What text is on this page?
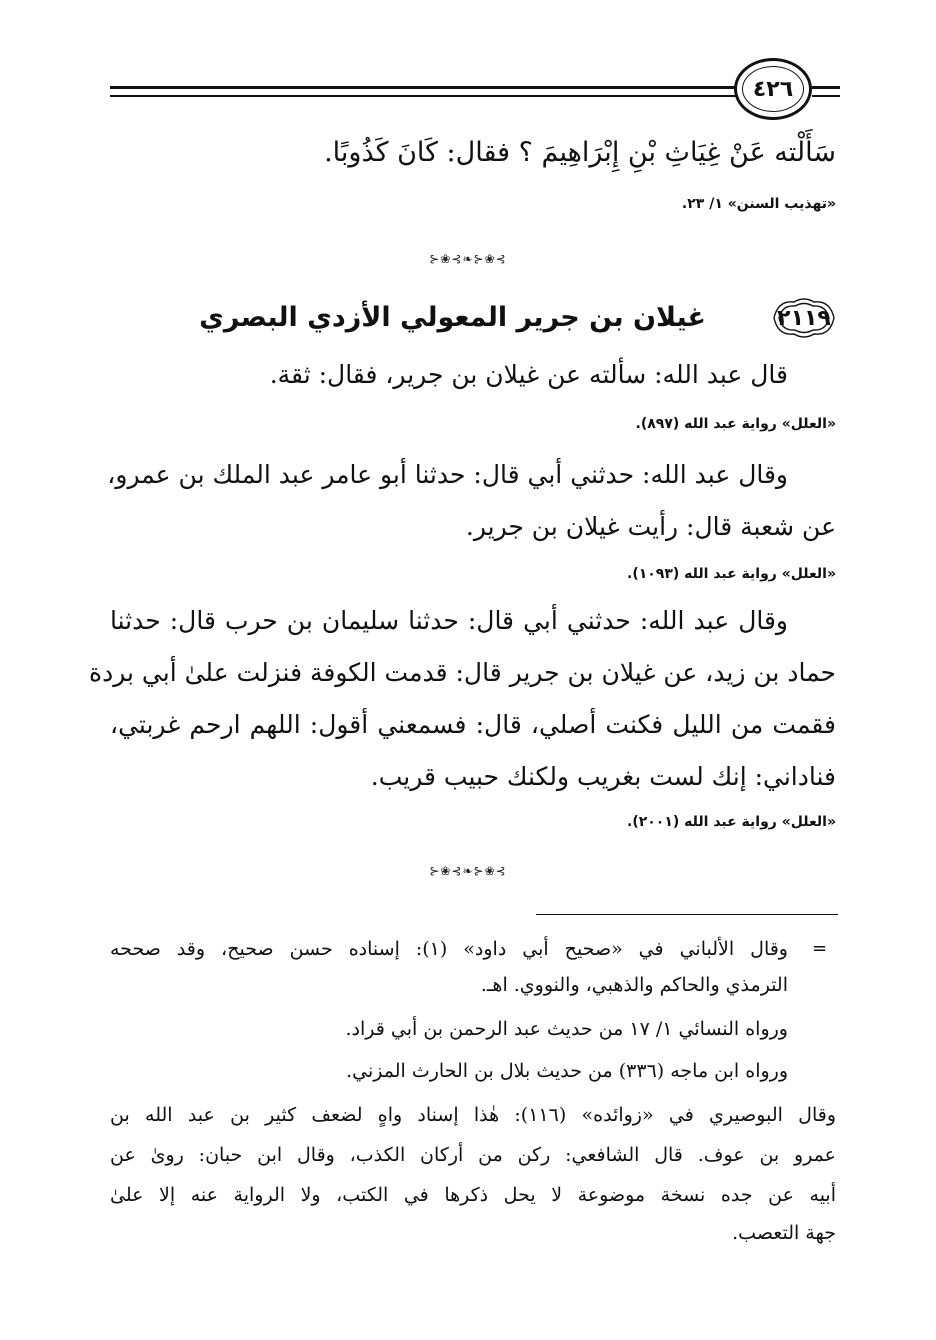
٤٢٦
سَأَلْته عَنْ غِيَاثِ بْنِ إِبْرَاهِيمَ ؟ فقال: كَانَ كَذُوبًا.
«تهذيب السنن» ١/ ٢٣.
⊱❀⊰❧⊱❀⊰
٢١١٩
غيلان بن جرير المعولي الأزدي البصري
قال عبد الله: سألته عن غيلان بن جرير، فقال: ثقة.
«العلل» رواية عبد الله (٨٩٧).
وقال عبد الله: حدثني أبي قال: حدثنا أبو عامر عبد الملك بن عمرو،
عن شعبة قال: رأيت غيلان بن جرير.
«العلل» رواية عبد الله (١٠٩٣).
وقال عبد الله: حدثني أبي قال: حدثنا سليمان بن حرب قال: حدثنا
حماد بن زيد، عن غيلان بن جرير قال: قدمت الكوفة فنزلت علىٰ أبي بردة
فقمت من الليل فكنت أصلي، قال: فسمعني أقول: اللهم ارحم غربتي،
فناداني: إنك لست بغريب ولكنك حبيب قريب.
«العلل» رواية عبد الله (٢٠٠١).
⊱❀⊰❧⊱❀⊰
=
وقال الألباني في «صحيح أبي داود» (١): إسناده حسن صحيح، وقد صححه
الترمذي والحاكم والذهبي، والنووي. اهـ.
ورواه النسائي ١/ ١٧ من حديث عبد الرحمن بن أبي قراد.
ورواه ابن ماجه (٣٣٦) من حديث بلال بن الحارث المزني.
وقال البوصيري في «زوائده» (١١٦): هٰذا إسناد واهٍ لضعف كثير بن عبد الله بن
عمرو بن عوف. قال الشافعي: ركن من أركان الكذب، وقال ابن حبان: روىٰ عن
أبيه عن جده نسخة موضوعة لا يحل ذكرها في الكتب، ولا الرواية عنه إلا علىٰ
جهة التعصب.
